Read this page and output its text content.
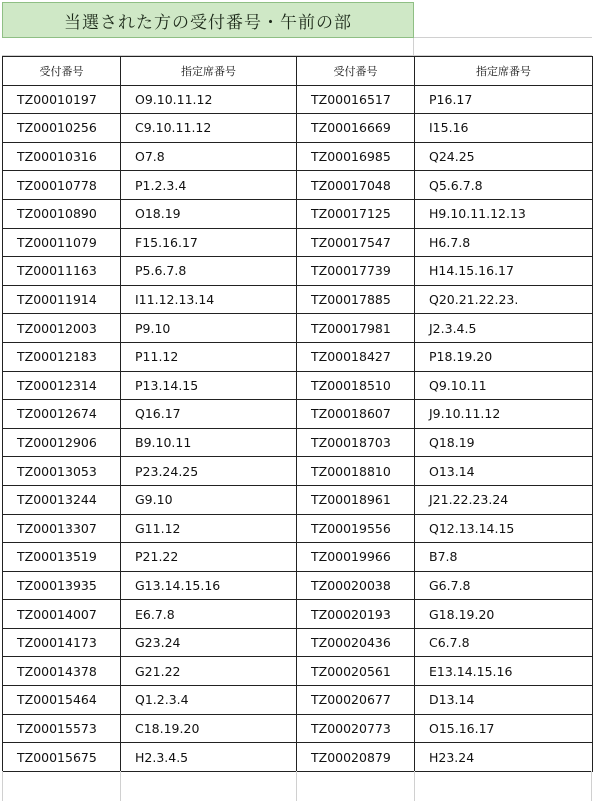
当選された方の受付番号・午前の部
受付番号	指定席番号	受付番号	指定席番号
TZ00010197	O9.10.11.12	TZ00016517	P16.17
TZ00010256	C9.10.11.12	TZ00016669	I15.16
TZ00010316	O7.8	TZ00016985	Q24.25
TZ00010778	P1.2.3.4	TZ00017048	Q5.6.7.8
TZ00010890	O18.19	TZ00017125	H9.10.11.12.13
TZ00011079	F15.16.17	TZ00017547	H6.7.8
TZ00011163	P5.6.7.8	TZ00017739	H14.15.16.17
TZ00011914	I11.12.13.14	TZ00017885	Q20.21.22.23.
TZ00012003	P9.10	TZ00017981	J2.3.4.5
TZ00012183	P11.12	TZ00018427	P18.19.20
TZ00012314	P13.14.15	TZ00018510	Q9.10.11
TZ00012674	Q16.17	TZ00018607	J9.10.11.12
TZ00012906	B9.10.11	TZ00018703	Q18.19
TZ00013053	P23.24.25	TZ00018810	O13.14
TZ00013244	G9.10	TZ00018961	J21.22.23.24
TZ00013307	G11.12	TZ00019556	Q12.13.14.15
TZ00013519	P21.22	TZ00019966	B7.8
TZ00013935	G13.14.15.16	TZ00020038	G6.7.8
TZ00014007	E6.7.8	TZ00020193	G18.19.20
TZ00014173	G23.24	TZ00020436	C6.7.8
TZ00014378	G21.22	TZ00020561	E13.14.15.16
TZ00015464	Q1.2.3.4	TZ00020677	D13.14
TZ00015573	C18.19.20	TZ00020773	O15.16.17
TZ00015675	H2.3.4.5	TZ00020879	H23.24
